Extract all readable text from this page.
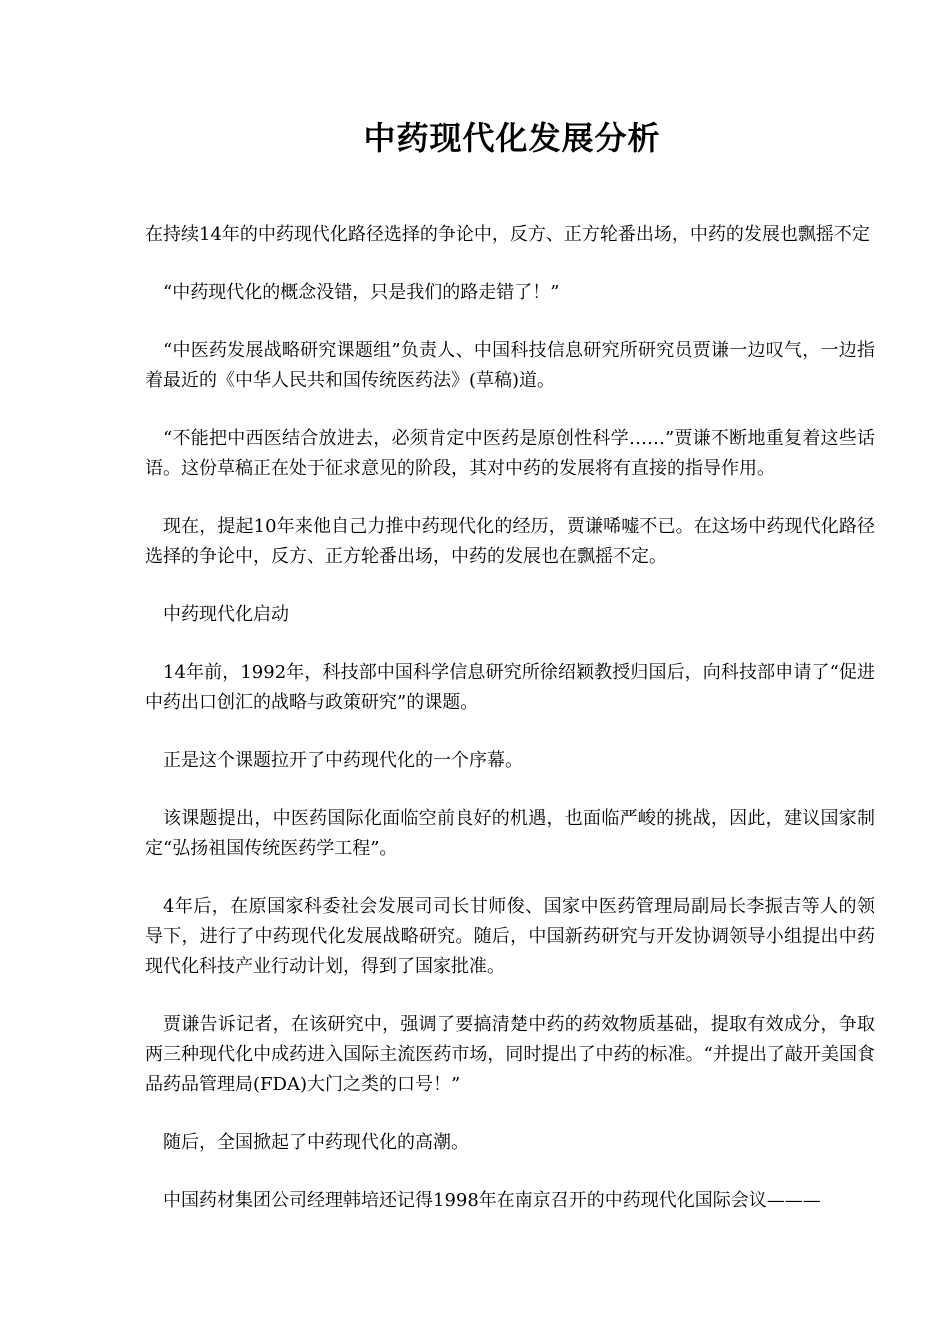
中药现代化发展分析

在持续14年的中药现代化路径选择的争论中，反方、正方轮番出场，中药的发展也飘摇不定

“中药现代化的概念没错，只是我们的路走错了！”

“中医药发展战略研究课题组”负责人、中国科技信息研究所研究员贾谦一边叹气，一边指着最近的《中华人民共和国传统医药法》(草稿)道。

“不能把中西医结合放进去，必须肯定中医药是原创性科学……”贾谦不断地重复着这些话语。这份草稿正在处于征求意见的阶段，其对中药的发展将有直接的指导作用。

现在，提起10年来他自己力推中药现代化的经历，贾谦唏嘘不已。在这场中药现代化路径选择的争论中，反方、正方轮番出场，中药的发展也在飘摇不定。

中药现代化启动

14年前，1992年，科技部中国科学信息研究所徐绍颖教授归国后，向科技部申请了“促进中药出口创汇的战略与政策研究”的课题。

正是这个课题拉开了中药现代化的一个序幕。

该课题提出，中医药国际化面临空前良好的机遇，也面临严峻的挑战，因此，建议国家制定“弘扬祖国传统医药学工程”。

4年后，在原国家科委社会发展司司长甘师俊、国家中医药管理局副局长李振吉等人的领导下，进行了中药现代化发展战略研究。随后，中国新药研究与开发协调领导小组提出中药现代化科技产业行动计划，得到了国家批准。

贾谦告诉记者，在该研究中，强调了要搞清楚中药的药效物质基础，提取有效成分，争取两三种现代化中成药进入国际主流医药市场，同时提出了中药的标准。“并提出了敲开美国食品药品管理局(FDA)大门之类的口号！”

随后，全国掀起了中药现代化的高潮。

中国药材集团公司经理韩培还记得1998年在南京召开的中药现代化国际会议———
